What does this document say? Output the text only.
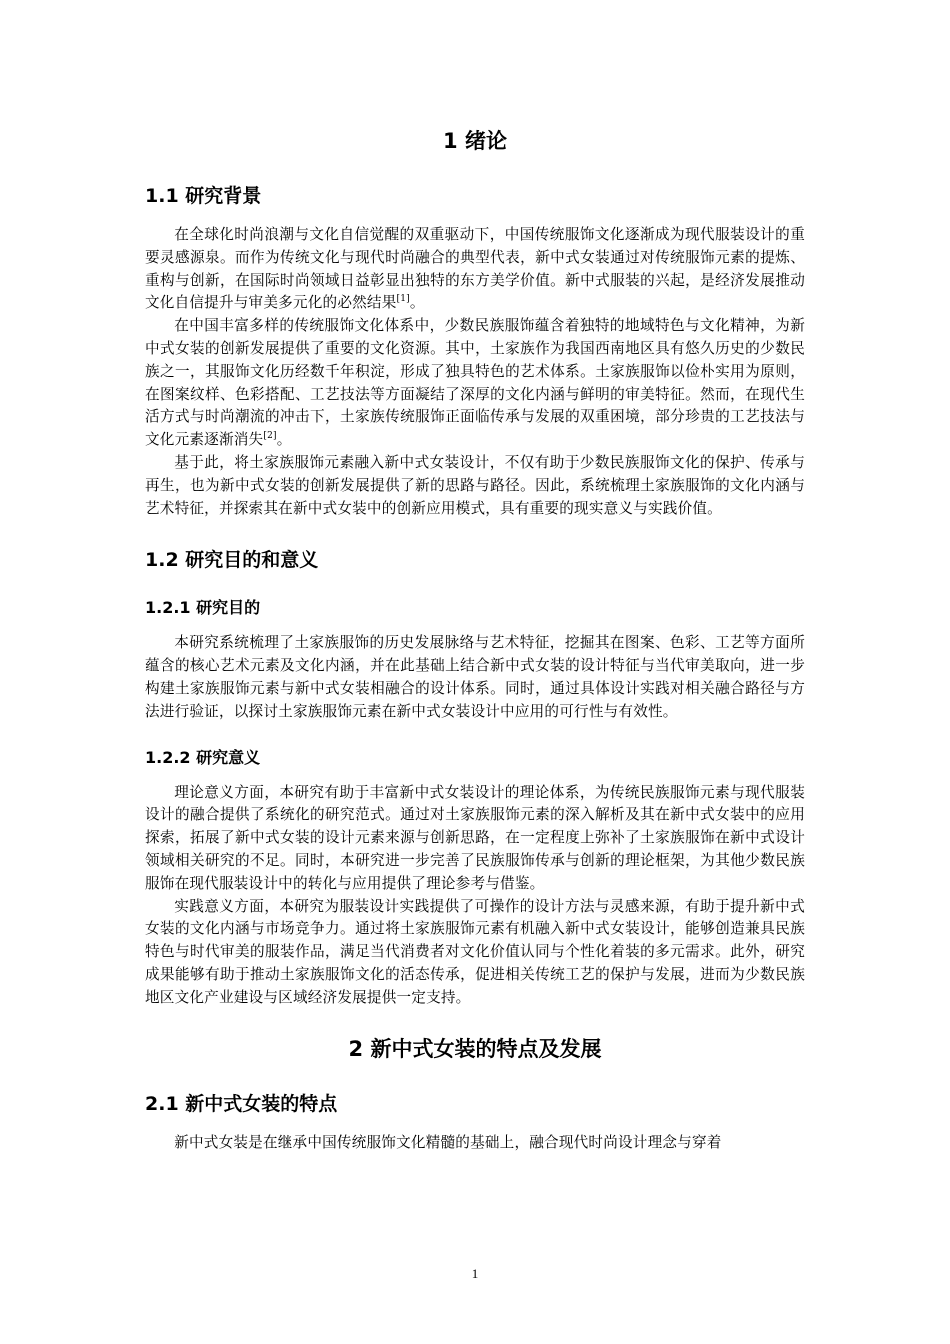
1 绪论
1.1 研究背景

在全球化时尚浪潮与文化自信觉醒的双重驱动下，中国传统服饰文化逐渐成为现代服装设计的重要灵感源泉。而作为传统文化与现代时尚融合的典型代表，新中式女装通过对传统服饰元素的提炼、重构与创新，在国际时尚领域日益彰显出独特的东方美学价值。新中式服装的兴起，是经济发展推动文化自信提升与审美多元化的必然结果[1]。

在中国丰富多样的传统服饰文化体系中，少数民族服饰蕴含着独特的地域特色与文化精神，为新中式女装的创新发展提供了重要的文化资源。其中，土家族作为我国西南地区具有悠久历史的少数民族之一，其服饰文化历经数千年积淀，形成了独具特色的艺术体系。土家族服饰以俭朴实用为原则，在图案纹样、色彩搭配、工艺技法等方面凝结了深厚的文化内涵与鲜明的审美特征。然而，在现代生活方式与时尚潮流的冲击下，土家族传统服饰正面临传承与发展的双重困境，部分珍贵的工艺技法与文化元素逐渐消失[2]。

基于此，将土家族服饰元素融入新中式女装设计，不仅有助于少数民族服饰文化的保护、传承与再生，也为新中式女装的创新发展提供了新的思路与路径。因此，系统梳理土家族服饰的文化内涵与艺术特征，并探索其在新中式女装中的创新应用模式，具有重要的现实意义与实践价值。

1.2 研究目的和意义
1.2.1 研究目的

本研究系统梳理了土家族服饰的历史发展脉络与艺术特征，挖掘其在图案、色彩、工艺等方面所蕴含的核心艺术元素及文化内涵，并在此基础上结合新中式女装的设计特征与当代审美取向，进一步构建土家族服饰元素与新中式女装相融合的设计体系。同时，通过具体设计实践对相关融合路径与方法进行验证，以探讨土家族服饰元素在新中式女装设计中应用的可行性与有效性。

1.2.2 研究意义

理论意义方面，本研究有助于丰富新中式女装设计的理论体系，为传统民族服饰元素与现代服装设计的融合提供了系统化的研究范式。通过对土家族服饰元素的深入解析及其在新中式女装中的应用探索，拓展了新中式女装的设计元素来源与创新思路，在一定程度上弥补了土家族服饰在新中式设计领域相关研究的不足。同时，本研究进一步完善了民族服饰传承与创新的理论框架，为其他少数民族服饰在现代服装设计中的转化与应用提供了理论参考与借鉴。

实践意义方面，本研究为服装设计实践提供了可操作的设计方法与灵感来源，有助于提升新中式女装的文化内涵与市场竞争力。通过将土家族服饰元素有机融入新中式女装设计，能够创造兼具民族特色与时代审美的服装作品，满足当代消费者对文化价值认同与个性化着装的多元需求。此外，研究成果能够有助于推动土家族服饰文化的活态传承，促进相关传统工艺的保护与发展，进而为少数民族地区文化产业建设与区域经济发展提供一定支持。

2 新中式女装的特点及发展
2.1 新中式女装的特点

新中式女装是在继承中国传统服饰文化精髓的基础上，融合现代时尚设计理念与穿着

1
